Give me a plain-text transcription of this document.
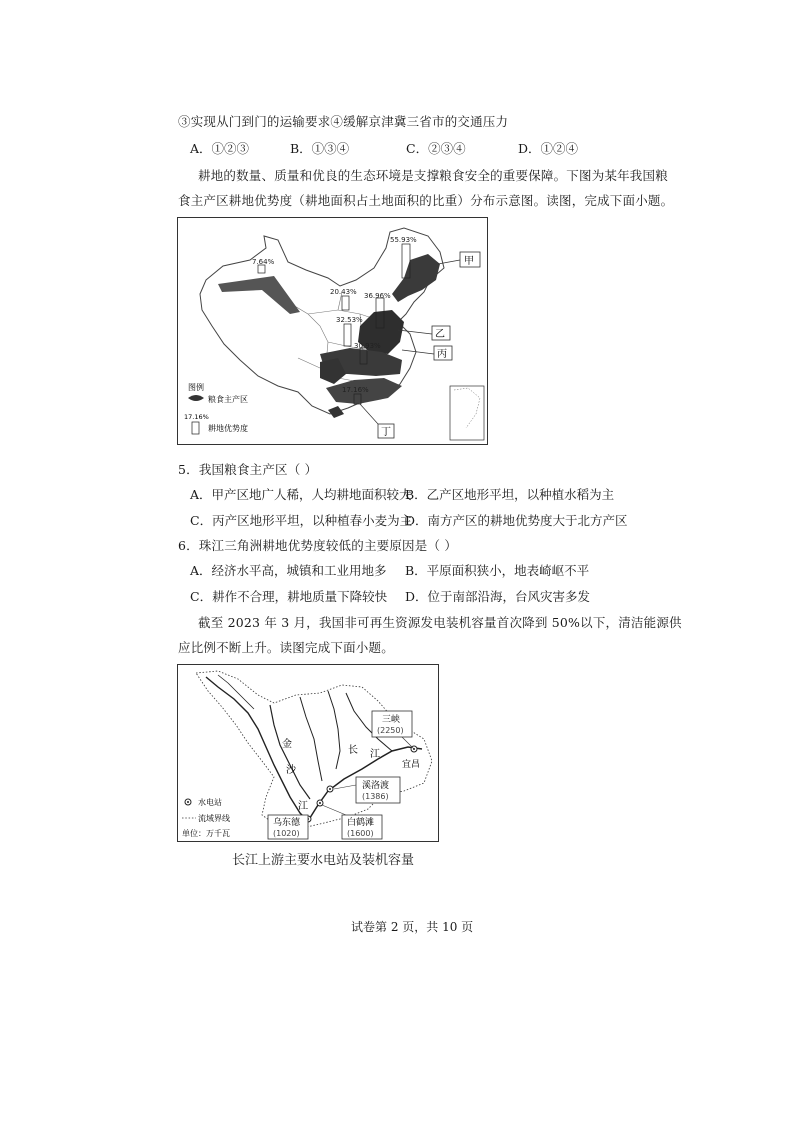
③实现从门到门的运输要求④缓解京津冀三省市的交通压力
A．①②③	B．①③④	C．②③④	D．①②④
耕地的数量、质量和优良的生态环境是支撑粮食安全的重要保障。下图为某年我国粮
食主产区耕地优势度（耕地面积占土地面积的比重）分布示意图。读图，完成下面小题。
7.64%
55.93%
20.43% 36.96%
32.53%
30.93%
17.16%
甲
乙
丙
丁
图例
粮食主产区
17.16%
耕地优势度
5．我国粮食主产区（ ）
A．甲产区地广人稀，人均耕地面积较大
B．乙产区地形平坦，以种植水稻为主
C．丙产区地形平坦，以种植春小麦为主
D．南方产区的耕地优势度大于北方产区
6．珠江三角洲耕地优势度较低的主要原因是（ ）
A．经济水平高，城镇和工业用地多 B．平原面积狭小，地表崎岖不平
C．耕作不合理，耕地质量下降较快 D．位于南部沿海，台风灾害多发
截至 2023 年 3 月，我国非可再生资源发电装机容量首次降到 50%以下，清洁能源供
应比例不断上升。读图完成下面小题。
金
沙
江
长 江
三峡
(2250)
宜昌
溪洛渡
(1386)
乌东德
(1020)
白鹤滩
(1600)
水电站
流域界线
单位：万千瓦
长江上游主要水电站及装机容量
试卷第 2 页，共 10 页
